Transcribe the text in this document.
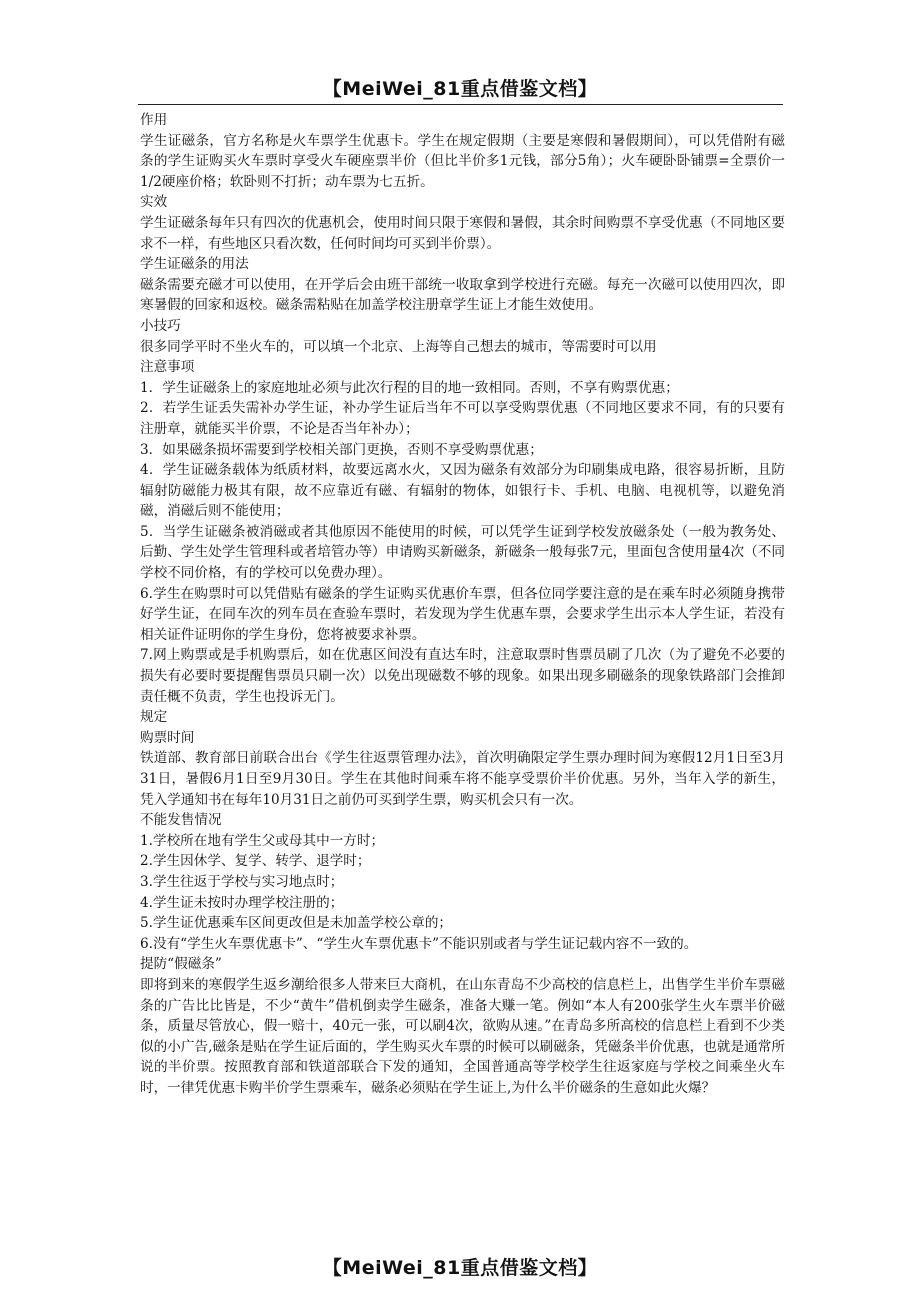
【MeiWei_81重点借鉴文档】

作用

学生证磁条，官方名称是火车票学生优惠卡。学生在规定假期（主要是寒假和暑假期间），可以凭借附有磁条的学生证购买火车票时享受火车硬座票半价（但比半价多1元钱，部分5角）；火车硬卧卧铺票=全票价一1/2硬座价格；软卧则不打折；动车票为七五折。

实效

学生证磁条每年只有四次的优惠机会，使用时间只限于寒假和暑假，其余时间购票不享受优惠（不同地区要求不一样，有些地区只看次数，任何时间均可买到半价票）。

学生证磁条的用法

磁条需要充磁才可以使用，在开学后会由班干部统一收取拿到学校进行充磁。每充一次磁可以使用四次，即寒暑假的回家和返校。磁条需粘贴在加盖学校注册章学生证上才能生效使用。

小技巧

很多同学平时不坐火车的，可以填一个北京、上海等自己想去的城市，等需要时可以用

注意事项

1．学生证磁条上的家庭地址必须与此次行程的目的地一致相同。否则，不享有购票优惠；

2．若学生证丢失需补办学生证，补办学生证后当年不可以享受购票优惠（不同地区要求不同，有的只要有注册章，就能买半价票，不论是否当年补办）；

3．如果磁条损坏需要到学校相关部门更换，否则不享受购票优惠；

4．学生证磁条载体为纸质材料，故要远离水火，又因为磁条有效部分为印刷集成电路，很容易折断，且防辐射防磁能力极其有限，故不应靠近有磁、有辐射的物体，如银行卡、手机、电脑、电视机等，以避免消磁，消磁后则不能使用；

5．当学生证磁条被消磁或者其他原因不能使用的时候，可以凭学生证到学校发放磁条处（一般为教务处、后勤、学生处学生管理科或者培管办等）申请购买新磁条，新磁条一般每张7元，里面包含使用量4次（不同学校不同价格，有的学校可以免费办理）。

6.学生在购票时可以凭借贴有磁条的学生证购买优惠价车票，但各位同学要注意的是在乘车时必须随身携带好学生证，在同车次的列车员在查验车票时，若发现为学生优惠车票，会要求学生出示本人学生证，若没有相关证件证明你的学生身份，您将被要求补票。

7.网上购票或是手机购票后，如在优惠区间没有直达车时，注意取票时售票员刷了几次（为了避免不必要的损失有必要时要提醒售票员只刷一次）以免出现磁数不够的现象。如果出现多刷磁条的现象铁路部门会推卸责任概不负责，学生也投诉无门。

规定

购票时间

铁道部、教育部日前联合出台《学生往返票管理办法》，首次明确限定学生票办理时间为寒假12月1日至3月31日，暑假6月1日至9月30日。学生在其他时间乘车将不能享受票价半价优惠。另外，当年入学的新生，凭入学通知书在每年10月31日之前仍可买到学生票，购买机会只有一次。

不能发售情况

1.学校所在地有学生父或母其中一方时；

2.学生因休学、复学、转学、退学时；

3.学生往返于学校与实习地点时；

4.学生证未按时办理学校注册的；

5.学生证优惠乘车区间更改但是未加盖学校公章的；

6.没有“学生火车票优惠卡”、“学生火车票优惠卡”不能识别或者与学生证记载内容不一致的。

提防“假磁条”

即将到来的寒假学生返乡潮给很多人带来巨大商机，在山东青岛不少高校的信息栏上，出售学生半价车票磁条的广告比比皆是，不少“黄牛”借机倒卖学生磁条，准备大赚一笔。例如“本人有200张学生火车票半价磁条，质量尽管放心，假一赔十，40元一张，可以刷4次，欲购从速。”在青岛多所高校的信息栏上看到不少类似的小广告,磁条是贴在学生证后面的，学生购买火车票的时候可以刷磁条，凭磁条半价优惠，也就是通常所说的半价票。按照教育部和铁道部联合下发的通知，全国普通高等学校学生往返家庭与学校之间乘坐火车时，一律凭优惠卡购半价学生票乘车，磁条必须贴在学生证上,为什么半价磁条的生意如此火爆？

【MeiWei_81重点借鉴文档】
